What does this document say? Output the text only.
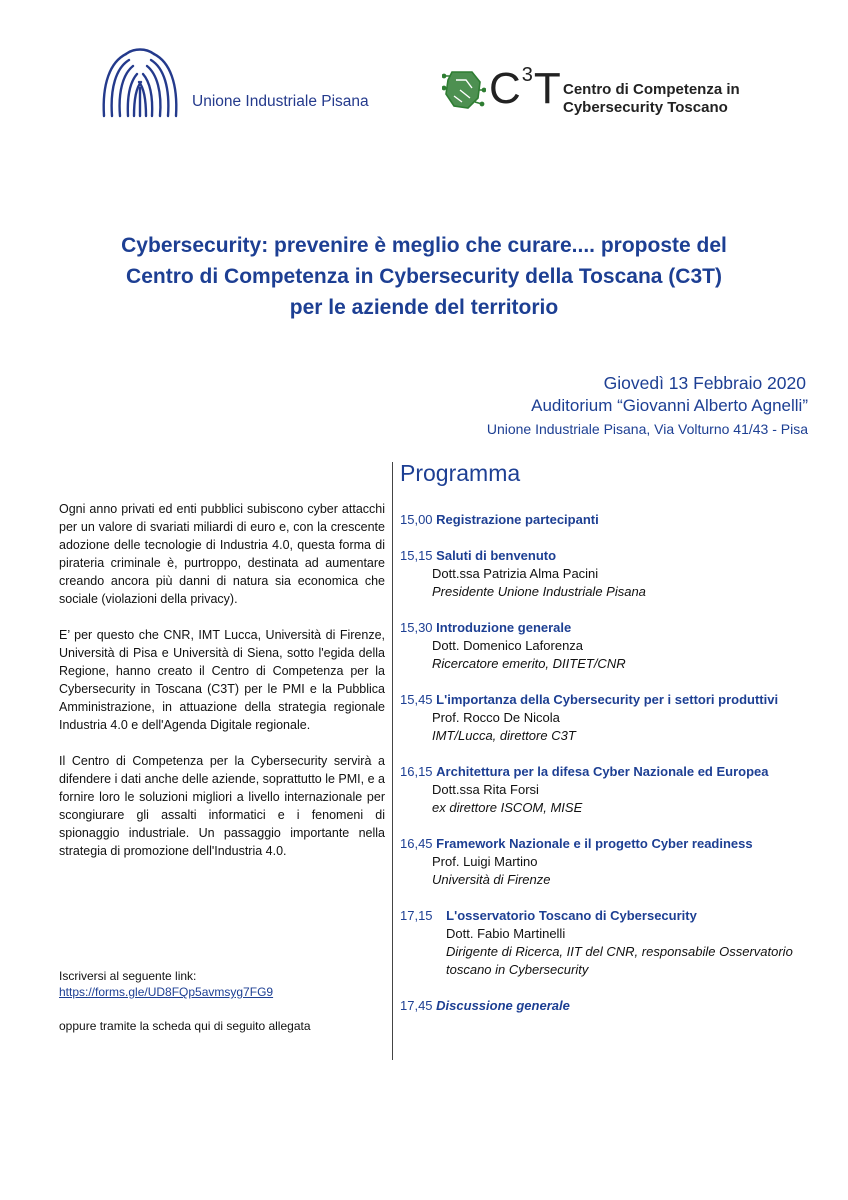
Unione Industriale Pisana	$C^3T$ Centro di Competenza in
Cybersecurity Toscano
Cybersecurity: prevenire è meglio che curare.... proposte del
Centro di Competenza in Cybersecurity della Toscana (C3T)
per le aziende del territorio
Giovedì 13 Febbraio 2020
Auditorium “Giovanni Alberto Agnelli”
Unione Industriale Pisana, Via Volturno 41/43 - Pisa

Ogni anno privati ed enti pubblici subiscono cyber attacchi per un valore di svariati miliardi di euro e, con la crescente adozione delle tecnologie di Industria 4.0, questa forma di pirateria criminale è, purtroppo, destinata ad aumentare creando ancora più danni di natura sia economica che sociale (violazioni della privacy).

E’ per questo che CNR, IMT Lucca, Università di Firenze, Università di Pisa e Università di Siena, sotto l'egida della Regione, hanno creato il Centro di Competenza per la Cybersecurity in Toscana (C3T) per le PMI e la Pubblica Amministrazione, in attuazione della strategia regionale Industria 4.0 e dell'Agenda Digitale regionale.

Il Centro di Competenza per la Cybersecurity servirà a difendere i dati anche delle aziende, soprattutto le PMI, e a fornire loro le soluzioni migliori a livello internazionale per scongiurare gli assalti informatici e i fenomeni di spionaggio industriale. Un passaggio importante nella strategia di promozione dell'Industria 4.0.

Iscriversi al seguente link:
https://forms.gle/UD8FQp5avmsyg7FG9
oppure tramite la scheda qui di seguito allegata
Programma
15,00 Registrazione partecipanti
15,15 Saluti di benvenuto
Dott.ssa Patrizia Alma Pacini
Presidente Unione Industriale Pisana
15,30 Introduzione generale
Dott. Domenico Laforenza
Ricercatore emerito, DIITET/CNR
15,45 L'importanza della Cybersecurity per i settori produttivi
Prof. Rocco De Nicola
IMT/Lucca, direttore C3T
16,15 Architettura per la difesa Cyber Nazionale ed Europea
Dott.ssa Rita Forsi
ex direttore ISCOM, MISE
16,45 Framework Nazionale e il progetto Cyber readiness
Prof. Luigi Martino
Università di Firenze
17,15 L'osservatorio Toscano di Cybersecurity
Dott. Fabio Martinelli
Dirigente di Ricerca, IIT del CNR, responsabile Osservatorio
toscano in Cybersecurity
17,45 Discussione generale
